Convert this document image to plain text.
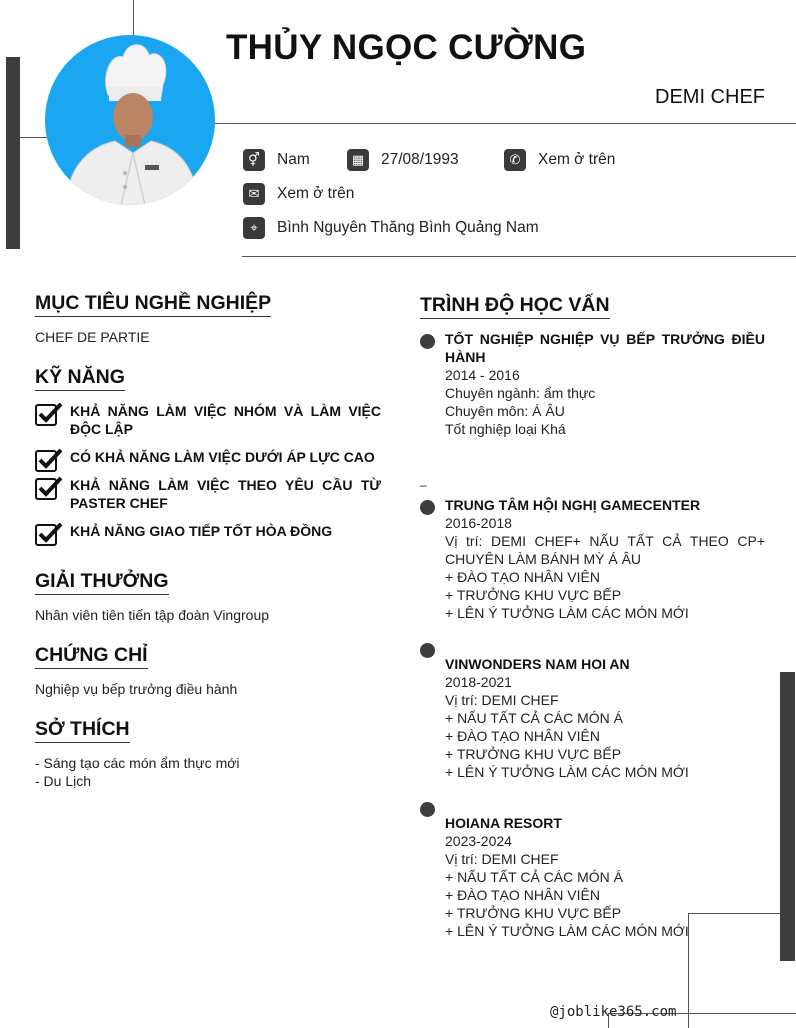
THỦY NGỌC CƯỜNG
DEMI CHEF
⚥	Nam	▦	27/08/1993	✆	Xem ở trên
✉	Xem ở trên
⌖	Bình Nguyên Thăng Bình Quảng Nam
MỤC TIÊU NGHỀ NGHIỆP
CHEF DE PARTIE
KỸ NĂNG
KHẢ NĂNG LÀM VIỆC NHÓM VÀ LÀM VIỆC ĐỘC LẬP
CÓ KHẢ NĂNG LÀM VIỆC DƯỚI ÁP LỰC CAO
KHẢ NĂNG LÀM VIỆC THEO YÊU CẦU TỪ PASTER CHEF
KHẢ NĂNG GIAO TIẾP TỐT HÒA ĐỒNG
GIẢI THƯỞNG
Nhân viên tiên tiến tập đoàn Vingroup
CHỨNG CHỈ
Nghiệp vụ bếp trưởng điều hành
SỞ THÍCH
- Sáng tạo các món ẩm thực mới
- Du Lịch
TRÌNH ĐỘ HỌC VẤN
TỐT NGHIỆP NGHIỆP VỤ BẾP TRƯỞNG ĐIỀU HÀNH
2014 - 2016
Chuyên ngành: ẩm thực
Chuyên môn: Á ÂU
Tốt nghiệp loại Khá
–
TRUNG TÂM HỘI NGHỊ GAMECENTER
2016-2018
Vị trí: DEMI CHEF+ NẤU TẤT CẢ THEO CP+ CHUYÊN LÀM BÁNH MỲ Á ÂU
+ ĐÀO TẠO NHÂN VIÊN
+ TRƯỞNG KHU VỰC BẾP
+ LÊN Ý TƯỞNG LÀM CÁC MÓN MỚI
VINWONDERS NAM HOI AN
2018-2021
Vị trí: DEMI CHEF
+ NẤU TẤT CẢ CÁC MÓN Á
+ ĐÀO TẠO NHÂN VIÊN
+ TRƯỞNG KHU VỰC BẾP
+ LÊN Ý TƯỞNG LÀM CÁC MÓN MỚI
HOIANA RESORT
2023-2024
Vị trí: DEMI CHEF
+ NẤU TẤT CẢ CÁC MÓN Á
+ ĐÀO TẠO NHÂN VIÊN
+ TRƯỞNG KHU VỰC BẾP
+ LÊN Ý TƯỞNG LÀM CÁC MÓN MỚI
@joblike365.com
